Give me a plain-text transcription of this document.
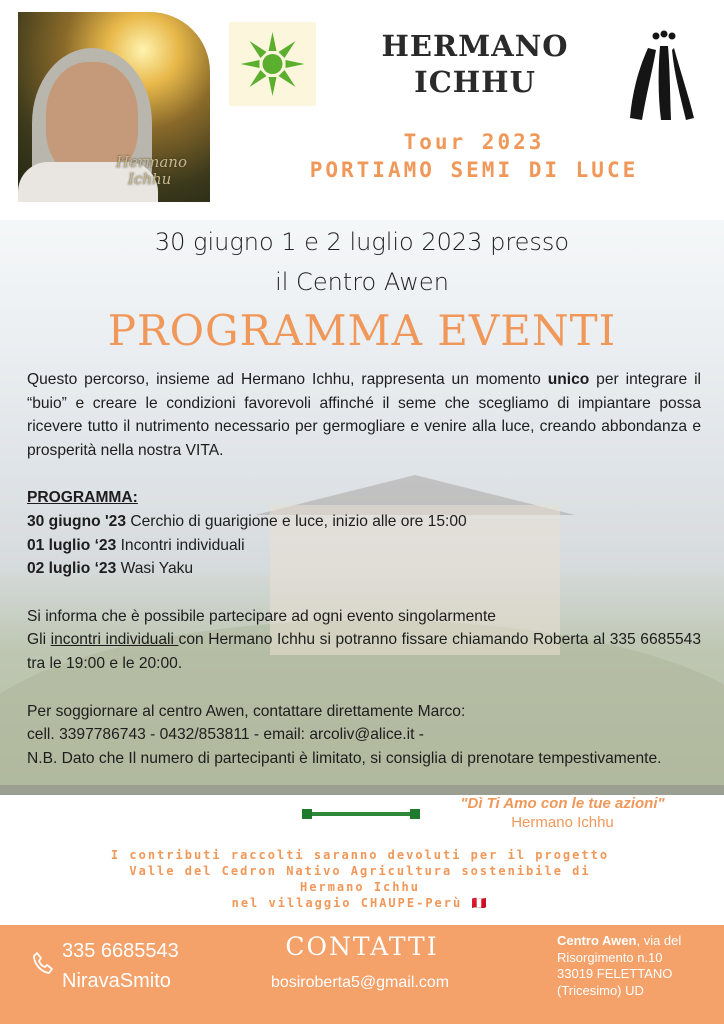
Hermano
Ichhu
HERMANO
ICHHU
Tour 2023
PORTIAMO SEMI DI LUCE
30 giugno 1 e 2 luglio 2023 presso
il Centro Awen
PROGRAMMA EVENTI

Questo percorso, insieme ad Hermano Ichhu, rappresenta un momento unico per integrare il “buio” e creare le condizioni favorevoli affinché il seme che scegliamo di impiantare possa ricevere tutto il nutrimento necessario per germogliare e venire alla luce, creando abbondanza e prosperità nella nostra VITA.

PROGRAMMA:

30 giugno '23 Cerchio di guarigione e luce, inizio alle ore 15:00

01 luglio ‘23 Incontri individuali

02 luglio ‘23 Wasi Yaku

Si informa che è possibile partecipare ad ogni evento singolarmente

Gli incontri individuali con Hermano Ichhu si potranno fissare chiamando Roberta al 335 6685543 tra le 19:00 e le 20:00.

Per soggiornare al centro Awen, contattare direttamente Marco:

cell. 3397786743 - 0432/853811 - email: arcoliv@alice.it -

N.B. Dato che Il numero di partecipanti è limitato, si consiglia di prenotare tempestivamente.

"Dì Ti Amo con le tue azioni"
Hermano Ichhu
I contributi raccolti saranno devoluti per il progetto
Valle del Cedron Nativo Agricultura sostenibile di
Hermano Ichhu
nel villaggio CHAUPE-Perù 🇵🇪
335 6685543
NiravaSmito
CONTATTI
bosiroberta5@gmail.com
Centro Awen, via del
Risorgimento n.10
33019 FELETTANO
(Tricesimo) UD
